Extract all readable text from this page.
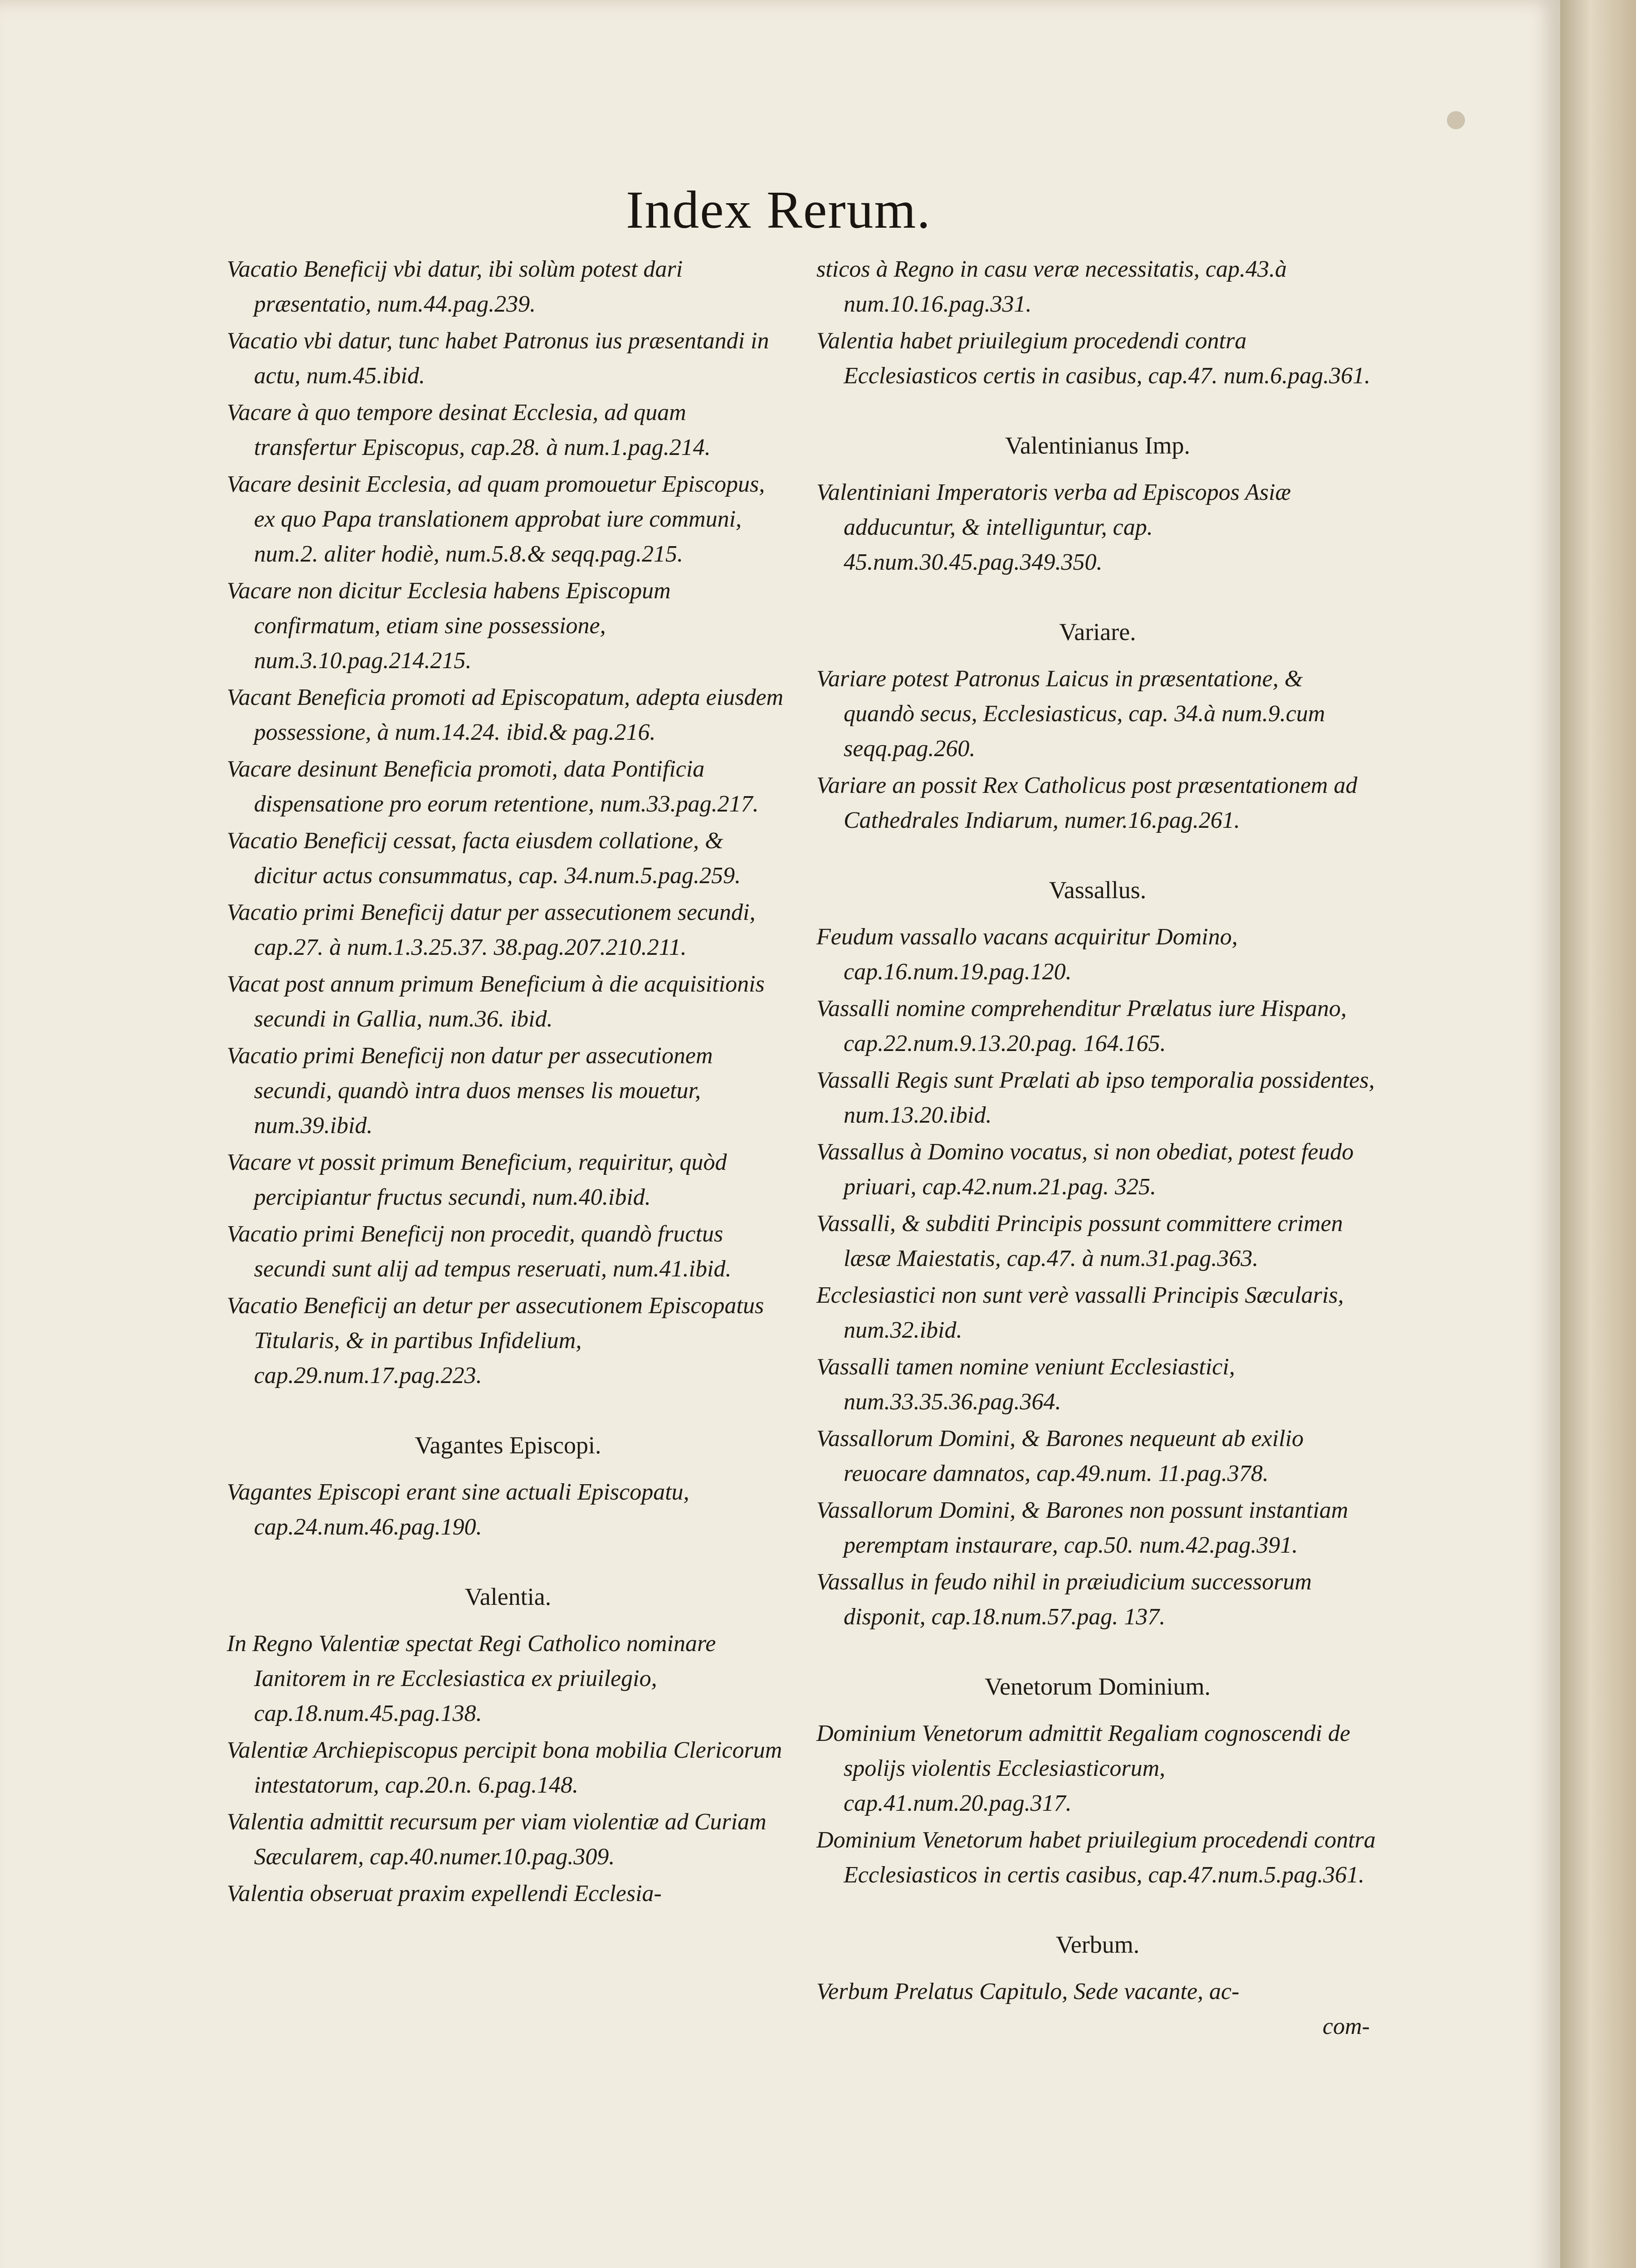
Index Rerum.

Vacatio Beneficij vbi datur, ibi solùm potest dari præsentatio, num.44.pag.239.

Vacatio vbi datur, tunc habet Patronus ius præsentandi in actu, num.45.ibid.

Vacare à quo tempore desinat Ecclesia, ad quam transfertur Episcopus, cap.28. à num.1.pag.214.

Vacare desinit Ecclesia, ad quam promouetur Episcopus, ex quo Papa translationem approbat iure communi, num.2. aliter hodiè, num.5.8.& seqq.pag.215.

Vacare non dicitur Ecclesia habens Episcopum confirmatum, etiam sine possessione, num.3.10.pag.214.215.

Vacant Beneficia promoti ad Episcopatum, adepta eiusdem possessione, à num.14.24. ibid.& pag.216.

Vacare desinunt Beneficia promoti, data Pontificia dispensatione pro eorum retentione, num.33.pag.217.

Vacatio Beneficij cessat, facta eiusdem collatione, & dicitur actus consummatus, cap. 34.num.5.pag.259.

Vacatio primi Beneficij datur per assecutionem secundi, cap.27. à num.1.3.25.37. 38.pag.207.210.211.

Vacat post annum primum Beneficium à die acquisitionis secundi in Gallia, num.36. ibid.

Vacatio primi Beneficij non datur per assecutionem secundi, quandò intra duos menses lis mouetur, num.39.ibid.

Vacare vt possit primum Beneficium, requiritur, quòd percipiantur fructus secundi, num.40.ibid.

Vacatio primi Beneficij non procedit, quandò fructus secundi sunt alij ad tempus reseruati, num.41.ibid.

Vacatio Beneficij an detur per assecutionem Episcopatus Titularis, & in partibus Infidelium, cap.29.num.17.pag.223.

Vagantes Episcopi.

Vagantes Episcopi erant sine actuali Episcopatu, cap.24.num.46.pag.190.

Valentia.

In Regno Valentiæ spectat Regi Catholico nominare Ianitorem in re Ecclesiastica ex priuilegio, cap.18.num.45.pag.138.

Valentiæ Archiepiscopus percipit bona mobilia Clericorum intestatorum, cap.20.n. 6.pag.148.

Valentia admittit recursum per viam violentiæ ad Curiam Sæcularem, cap.40.numer.10.pag.309.

Valentia obseruat praxim expellendi Ecclesia-

sticos à Regno in casu veræ necessitatis, cap.43.à num.10.16.pag.331.

Valentia habet priuilegium procedendi contra Ecclesiasticos certis in casibus, cap.47. num.6.pag.361.

Valentinianus Imp.

Valentiniani Imperatoris verba ad Episcopos Asiæ adducuntur, & intelliguntur, cap. 45.num.30.45.pag.349.350.

Variare.

Variare potest Patronus Laicus in præsentatione, & quandò secus, Ecclesiasticus, cap. 34.à num.9.cum seqq.pag.260.

Variare an possit Rex Catholicus post præsentationem ad Cathedrales Indiarum, numer.16.pag.261.

Vassallus.

Feudum vassallo vacans acquiritur Domino, cap.16.num.19.pag.120.

Vassalli nomine comprehenditur Prælatus iure Hispano, cap.22.num.9.13.20.pag. 164.165.

Vassalli Regis sunt Prælati ab ipso temporalia possidentes, num.13.20.ibid.

Vassallus à Domino vocatus, si non obediat, potest feudo priuari, cap.42.num.21.pag. 325.

Vassalli, & subditi Principis possunt committere crimen læsæ Maiestatis, cap.47. à num.31.pag.363.

Ecclesiastici non sunt verè vassalli Principis Sæcularis, num.32.ibid.

Vassalli tamen nomine veniunt Ecclesiastici, num.33.35.36.pag.364.

Vassallorum Domini, & Barones nequeunt ab exilio reuocare damnatos, cap.49.num. 11.pag.378.

Vassallorum Domini, & Barones non possunt instantiam peremptam instaurare, cap.50. num.42.pag.391.

Vassallus in feudo nihil in præiudicium successorum disponit, cap.18.num.57.pag. 137.

Venetorum Dominium.

Dominium Venetorum admittit Regaliam cognoscendi de spolijs violentis Ecclesiasticorum, cap.41.num.20.pag.317.

Dominium Venetorum habet priuilegium procedendi contra Ecclesiasticos in certis casibus, cap.47.num.5.pag.361.

Verbum.

Verbum Prelatus Capitulo, Sede vacante, ac-

com-
